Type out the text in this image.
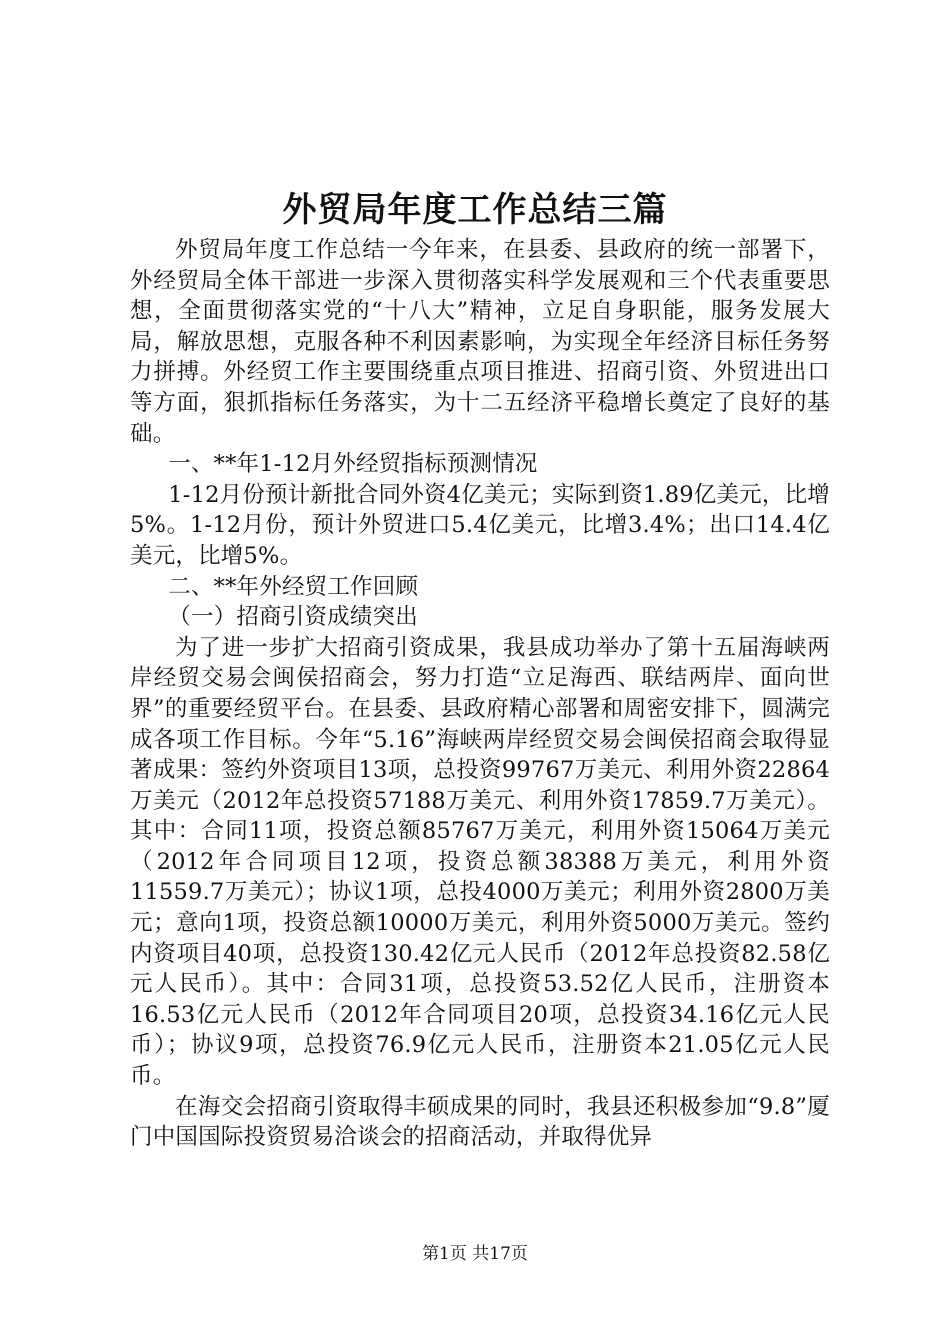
外贸局年度工作总结三篇

外贸局年度工作总结一今年来，在县委、县政府的统一部署下，外经贸局全体干部进一步深入贯彻落实科学发展观和三个代表重要思想，全面贯彻落实党的“十八大”精神，立足自身职能，服务发展大局，解放思想，克服各种不利因素影响，为实现全年经济目标任务努力拼搏。外经贸工作主要围绕重点项目推进、招商引资、外贸进出口等方面，狠抓指标任务落实，为十二五经济平稳增长奠定了良好的基础。

一、**年1-12月外经贸指标预测情况

1-12月份预计新批合同外资4亿美元；实际到资1.89亿美元，比增5%。1-12月份，预计外贸进口5.4亿美元，比增3.4%；出口14.4亿美元，比增5%。

二、**年外经贸工作回顾

（一）招商引资成绩突出

为了进一步扩大招商引资成果，我县成功举办了第十五届海峡两岸经贸交易会闽侯招商会，努力打造“立足海西、联结两岸、面向世界”的重要经贸平台。在县委、县政府精心部署和周密安排下，圆满完成各项工作目标。今年“5.16”海峡两岸经贸交易会闽侯招商会取得显著成果：签约外资项目13项，总投资99767万美元、利用外资22864万美元（2012年总投资57188万美元、利用外资17859.7万美元）。其中：合同11项，投资总额85767万美元，利用外资15064万美元（2012年合同项目12项，投资总额38388万美元，利用外资11559.7万美元）；协议1项，总投4000万美元；利用外资2800万美元；意向1项，投资总额10000万美元，利用外资5000万美元。签约内资项目40项，总投资130.42亿元人民币（2012年总投资82.58亿元人民币）。其中：合同31项，总投资53.52亿人民币，注册资本16.53亿元人民币（2012年合同项目20项，总投资34.16亿元人民币）；协议9项，总投资76.9亿元人民币，注册资本21.05亿元人民币。

在海交会招商引资取得丰硕成果的同时，我县还积极参加“9.8”厦门中国国际投资贸易洽谈会的招商活动，并取得优异

第1页 共17页
